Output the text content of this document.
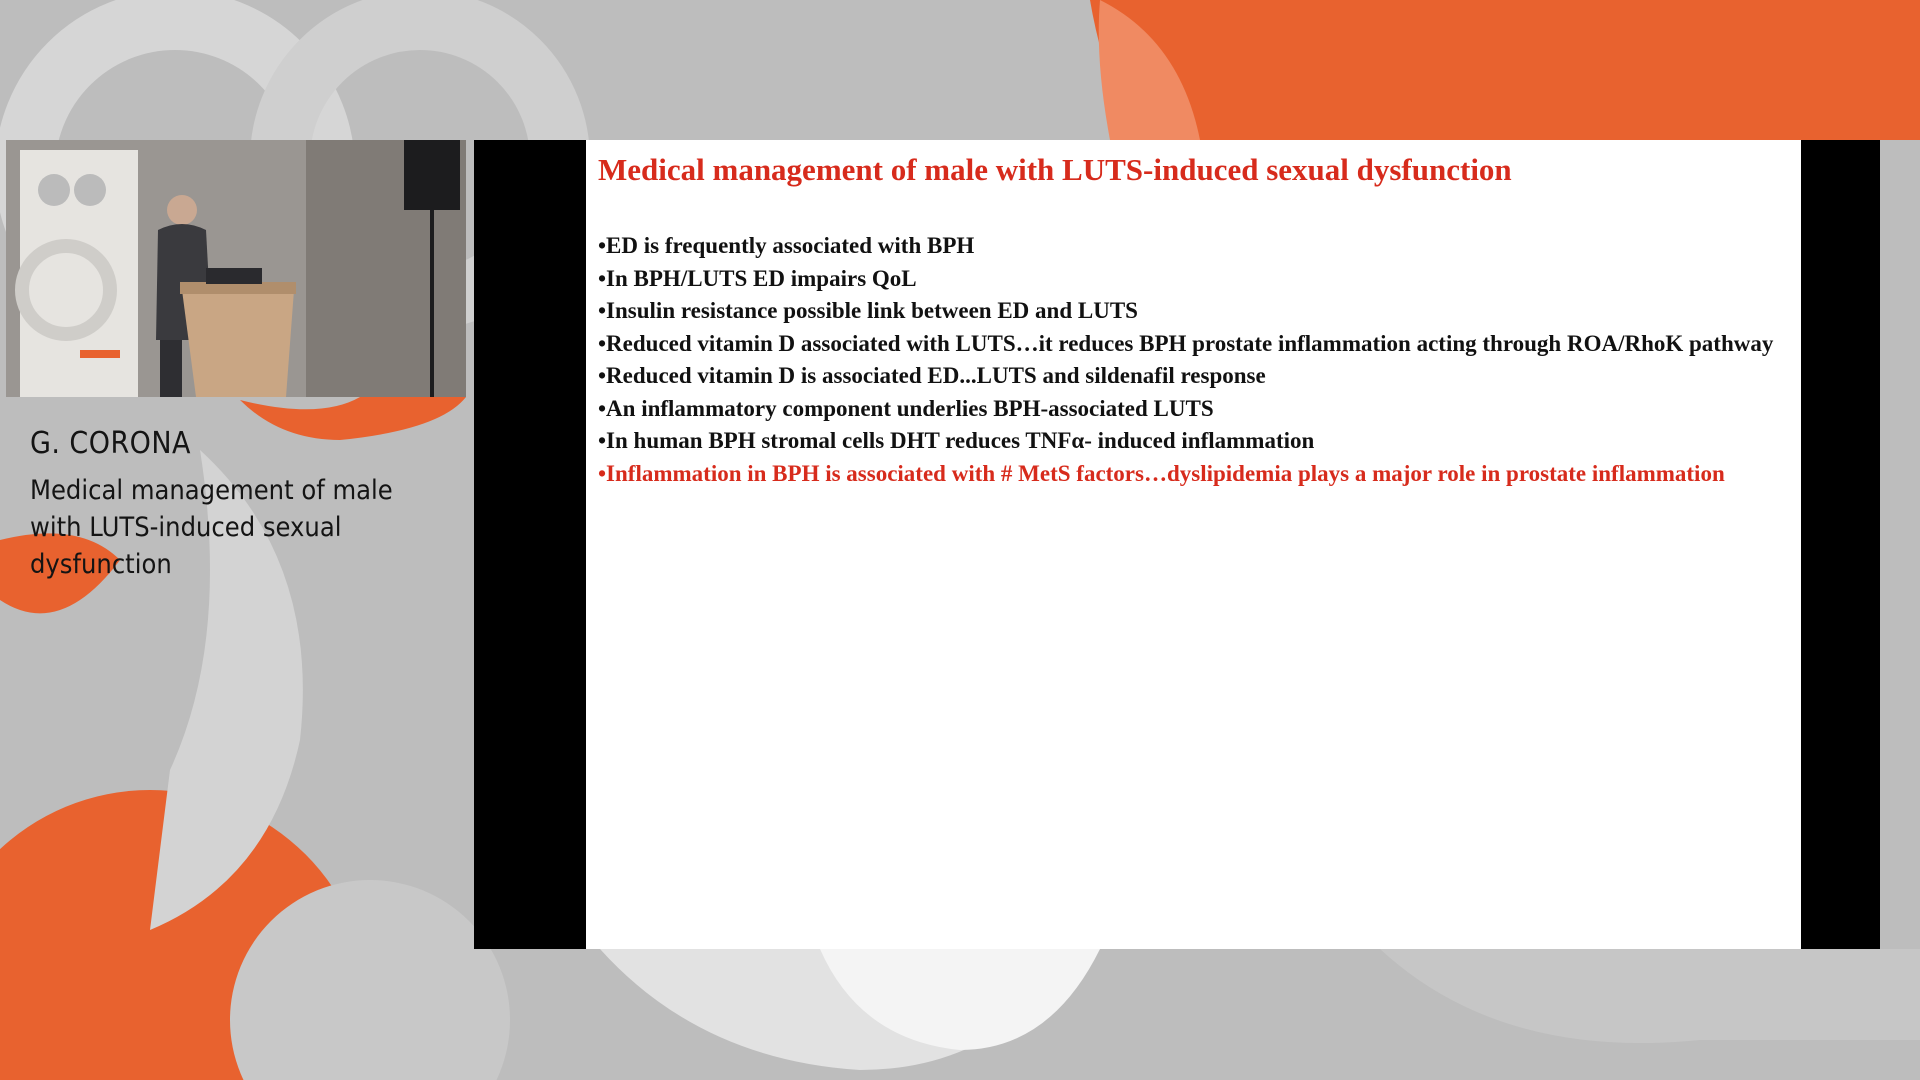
G. CORONA
Medical management of male with LUTS-induced sexual dysfunction
Medical management of male with LUTS-induced sexual dysfunction
•ED is frequently associated with BPH
•In BPH/LUTS ED impairs QoL
•Insulin resistance possible link between ED and LUTS
•Reduced vitamin D associated with LUTS…it reduces BPH prostate inflammation acting through ROA/RhoK pathway
•Reduced vitamin D is associated ED...LUTS and sildenafil response
•An inflammatory component underlies BPH-associated LUTS
•In human BPH stromal cells DHT reduces TNFα- induced inflammation
•Inflammation in BPH is associated with # MetS factors…dyslipidemia plays a major role in prostate inflammation
